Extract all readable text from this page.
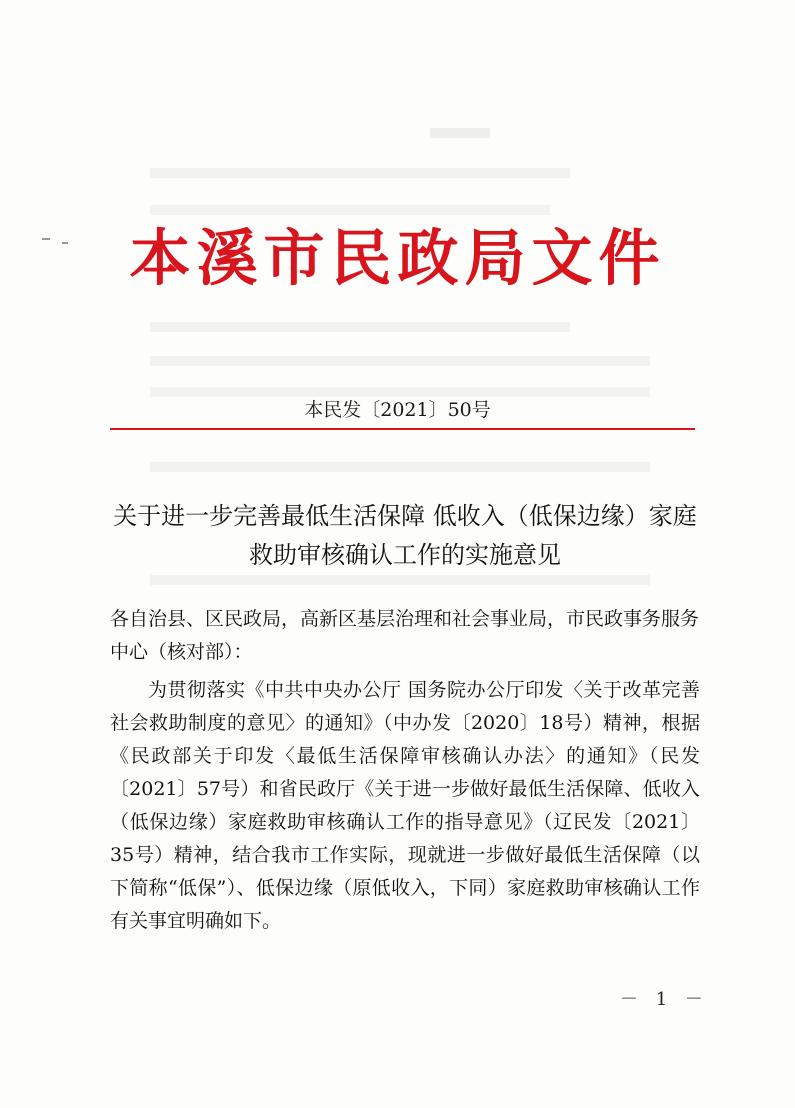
本溪市民政局文件
本民发〔2021〕50号
关于进一步完善最低生活保障 低收入（低保边缘）家庭救助审核确认工作的实施意见
各自治县、区民政局，高新区基层治理和社会事业局，市民政事务服务中心（核对部）：

为贯彻落实《中共中央办公厅 国务院办公厅印发〈关于改革完善社会救助制度的意见〉的通知》（中办发〔2020〕18号）精神，根据《民政部关于印发〈最低生活保障审核确认办法〉的通知》（民发〔2021〕57号）和省民政厅《关于进一步做好最低生活保障、低收入（低保边缘）家庭救助审核确认工作的指导意见》（辽民发〔2021〕35号）精神，结合我市工作实际，现就进一步做好最低生活保障（以下简称“低保”）、低保边缘（原低收入，下同）家庭救助审核确认工作有关事宜明确如下。

－ 1 －
